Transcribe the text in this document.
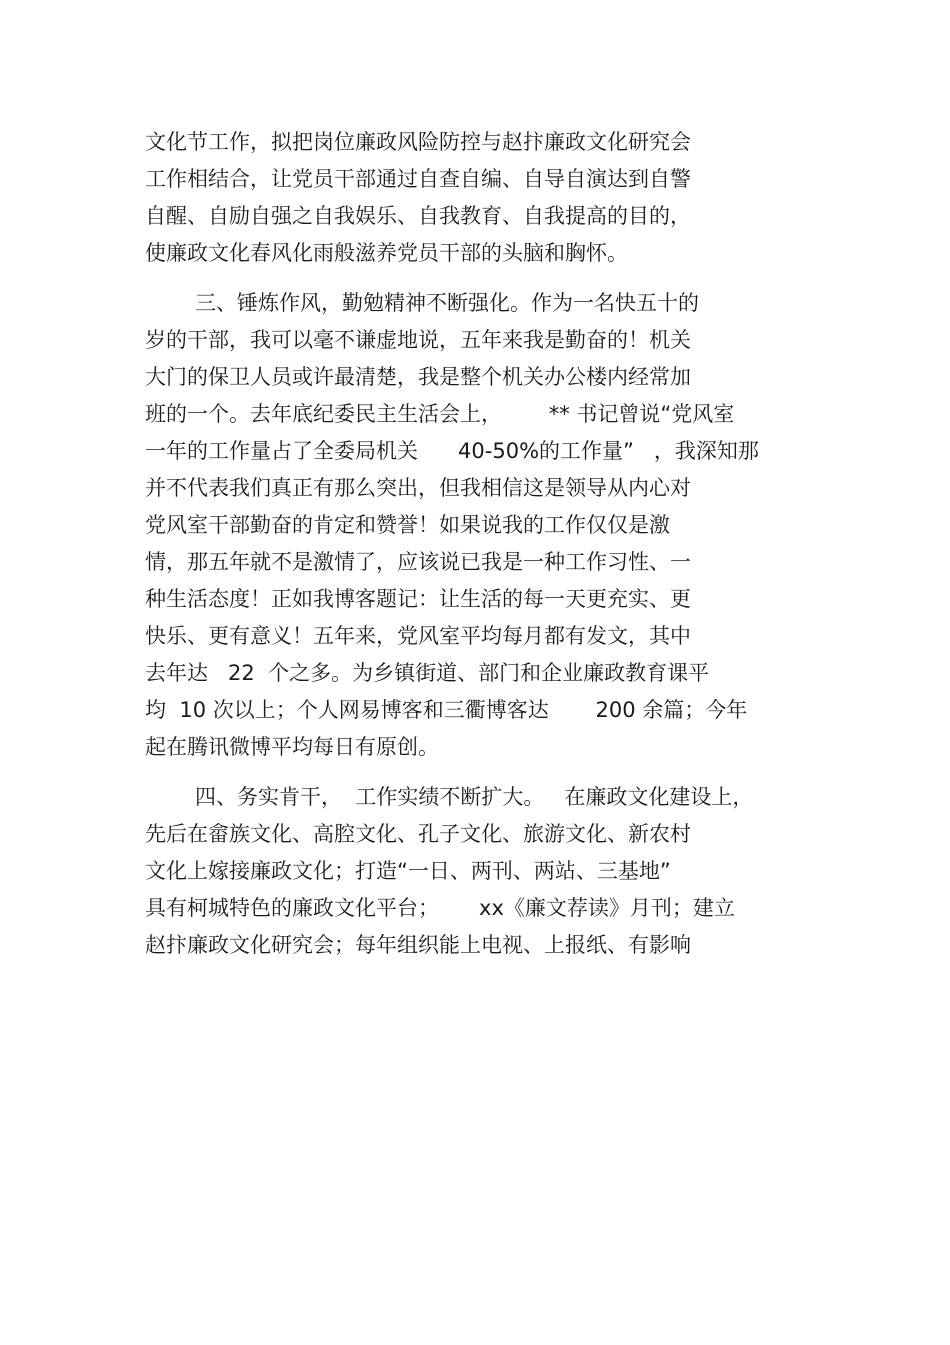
文化节工作，拟把岗位廉政风险防控与赵抃廉政文化研究会
工作相结合，让党员干部通过自查自编、自导自演达到自警
自醒、自励自强之自我娱乐、自我教育、自我提高的目的，
使廉政文化春风化雨般滋养党员干部的头脑和胸怀。
三、锤炼作风，勤勉精神不断强化。作为一名快五十的
岁的干部，我可以毫不谦虚地说，五年来我是勤奋的！机关
大门的保卫人员或许最清楚，我是整个机关办公楼内经常加
班的一个。去年底纪委民主生活会上，       ** 书记曾说“党风室
一年的工作量占了全委局机关      40-50%的工作量”   ，我深知那
并不代表我们真正有那么突出，但我相信这是领导从内心对
党风室干部勤奋的肯定和赞誉！如果说我的工作仅仅是激
情，那五年就不是激情了，应该说已我是一种工作习性、一
种生活态度！正如我博客题记：让生活的每一天更充实、更
快乐、更有意义！五年来，党风室平均每月都有发文，其中
去年达   22  个之多。为乡镇街道、部门和企业廉政教育课平
均  10 次以上；个人网易博客和三衢博客达       200 余篇；今年
起在腾讯微博平均每日有原创。
四、务实肯干，  工作实绩不断扩大。   在廉政文化建设上，
先后在畲族文化、高腔文化、孔子文化、旅游文化、新农村
文化上嫁接廉政文化；打造“一日、两刊、两站、三基地”
具有柯城特色的廉政文化平台；      xx《廉文荐读》月刊；建立
赵抃廉政文化研究会；每年组织能上电视、上报纸、有影响
